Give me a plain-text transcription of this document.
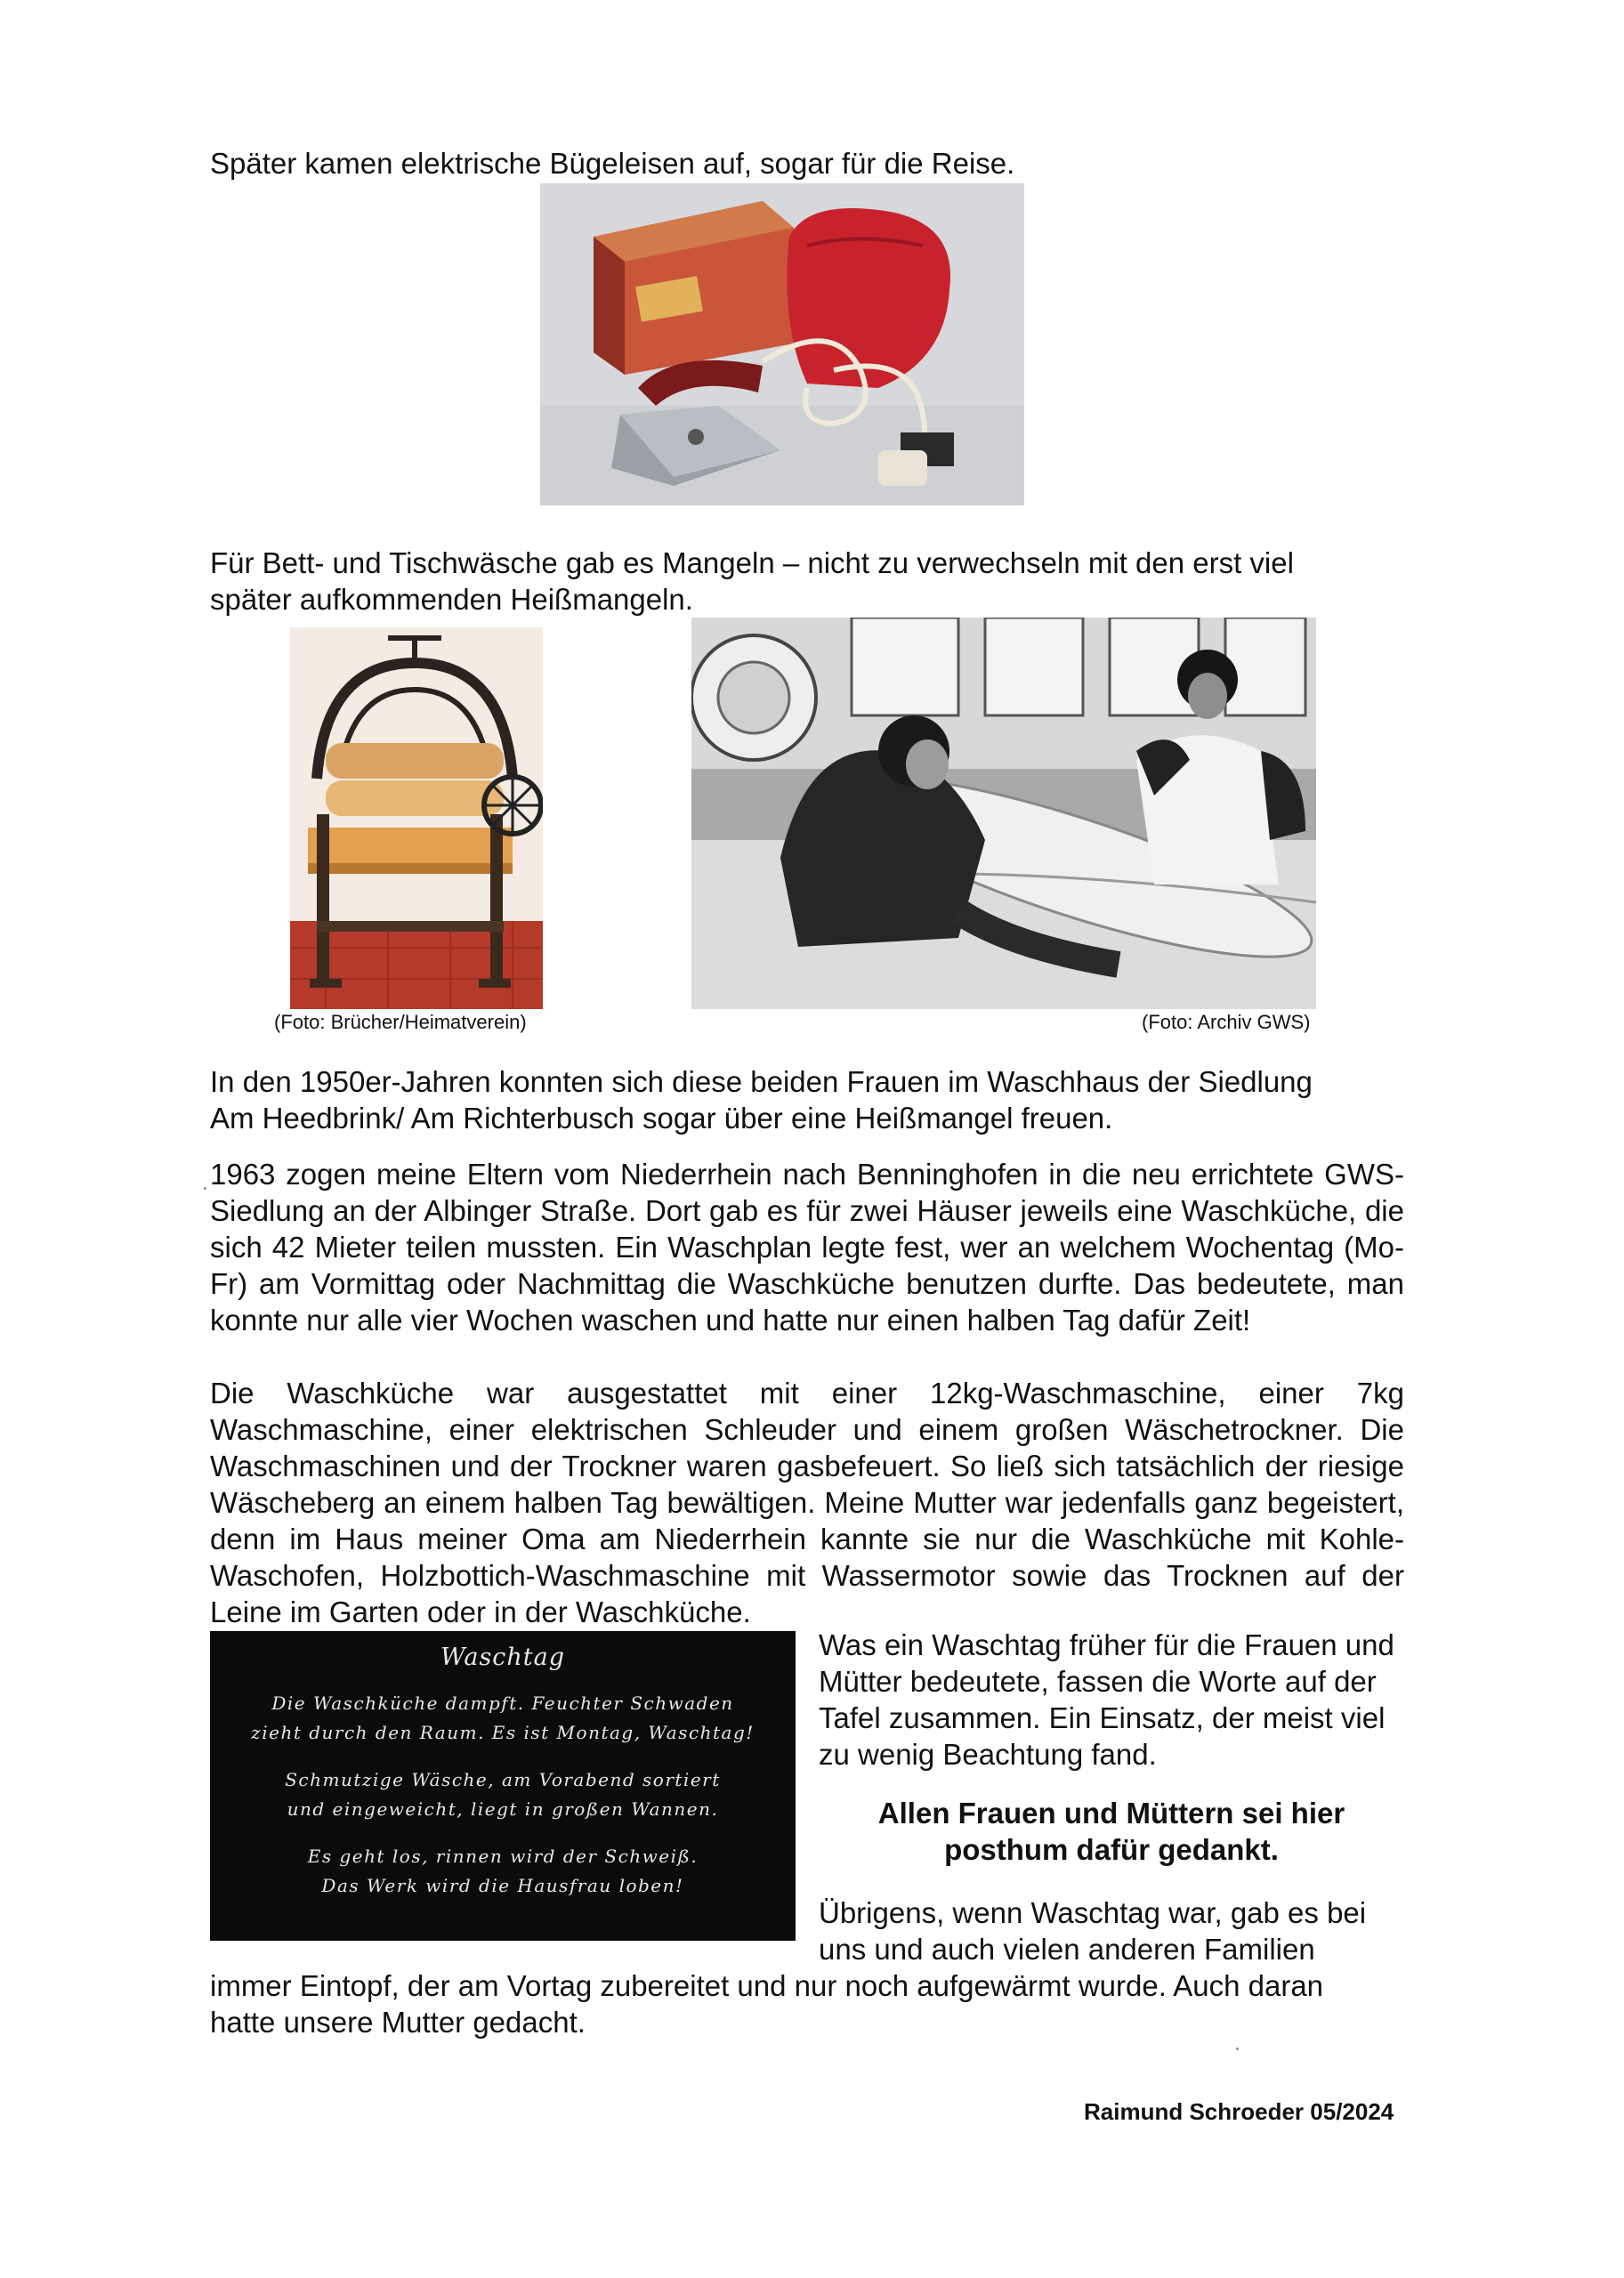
Später kamen elektrische Bügeleisen auf, sogar für die Reise.

Für Bett- und Tischwäsche gab es Mangeln – nicht zu verwechseln mit den erst viel
später aufkommenden Heißmangeln.

(Foto: Brücher/Heimatverein)	(Foto: Archiv GWS)

In den 1950er-Jahren konnten sich diese beiden Frauen im Waschhaus der Siedlung
Am Heedbrink/ Am Richterbusch sogar über eine Heißmangel freuen.

1963 zogen meine Eltern vom Niederrhein nach Benninghofen in die neu errichtete GWS-Siedlung an der Albinger Straße. Dort gab es für zwei Häuser jeweils eine Waschküche, die sich 42 Mieter teilen mussten. Ein Waschplan legte fest, wer an welchem Wochentag (Mo-Fr) am Vormittag oder Nachmittag die Waschküche benutzen durfte. Das bedeutete, man konnte nur alle vier Wochen waschen und hatte nur einen halben Tag dafür Zeit!

Die Waschküche war ausgestattet mit einer 12kg-Waschmaschine, einer 7kg Waschmaschine, einer elektrischen Schleuder und einem großen Wäschetrockner. Die Waschmaschinen und der Trockner waren gasbefeuert. So ließ sich tatsächlich der riesige Wäscheberg an einem halben Tag bewältigen. Meine Mutter war jedenfalls ganz begeistert, denn im Haus meiner Oma am Niederrhein kannte sie nur die Waschküche mit Kohle-Waschofen, Holzbottich-Waschmaschine mit Wassermotor sowie das Trocknen auf der Leine im Garten oder in der Waschküche.

Waschtag

Die Waschküche dampft. Feuchter Schwaden

zieht durch den Raum. Es ist Montag, Waschtag!

Schmutzige Wäsche, am Vorabend sortiert

und eingeweicht, liegt in großen Wannen.

Es geht los, rinnen wird der Schweiß.

Das Werk wird die Hausfrau loben!

Was ein Waschtag früher für die Frauen und Mütter bedeutete, fassen die Worte auf der Tafel zusammen. Ein Einsatz, der meist viel zu wenig Beachtung fand.

Allen Frauen und Müttern sei hier
posthum dafür gedankt.

Übrigens, wenn Waschtag war, gab es bei
uns und auch vielen anderen Familien

immer Eintopf, der am Vortag zubereitet und nur noch aufgewärmt wurde. Auch daran
hatte unsere Mutter gedacht.

Raimund Schroeder 05/2024
